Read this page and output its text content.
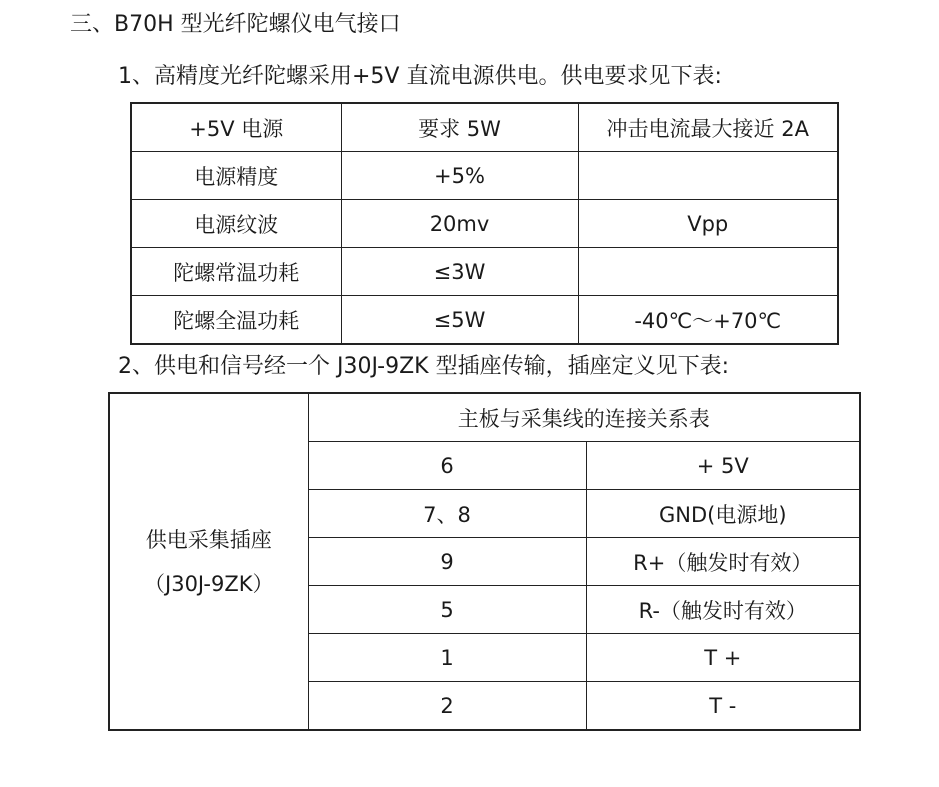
三、B70H 型光纤陀螺仪电气接口
1、高精度光纤陀螺采用+5V 直流电源供电。供电要求见下表:
+5V 电源	要求 5W	冲击电流最大接近 2A
电源精度	+5%	
电源纹波	20mv	Vpp
陀螺常温功耗	≤3W	
陀螺全温功耗	≤5W	-40℃～+70℃
2、供电和信号经一个 J30J-9ZK 型插座传输，插座定义见下表:
供电采集插座
（J30J-9ZK）	主板与采集线的连接关系表	
	6	+ 5V
	7、8	GND(电源地)
	9	R+（触发时有效）
	5	R-（触发时有效）
	1	T +
	2	T -
